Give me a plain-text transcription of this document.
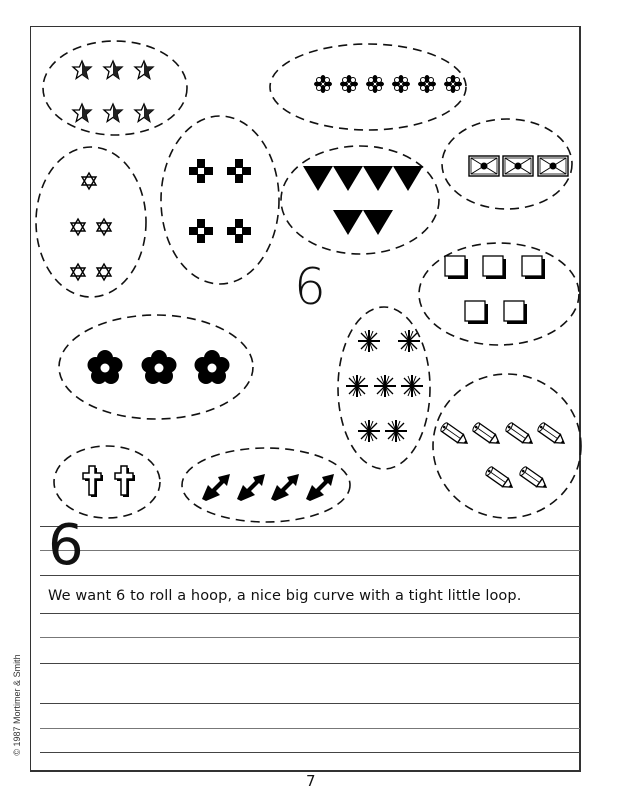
6
6
We want 6 to roll a hoop, a nice big curve with a tight little loop.
© 1987 Mortimer & Smith
7
